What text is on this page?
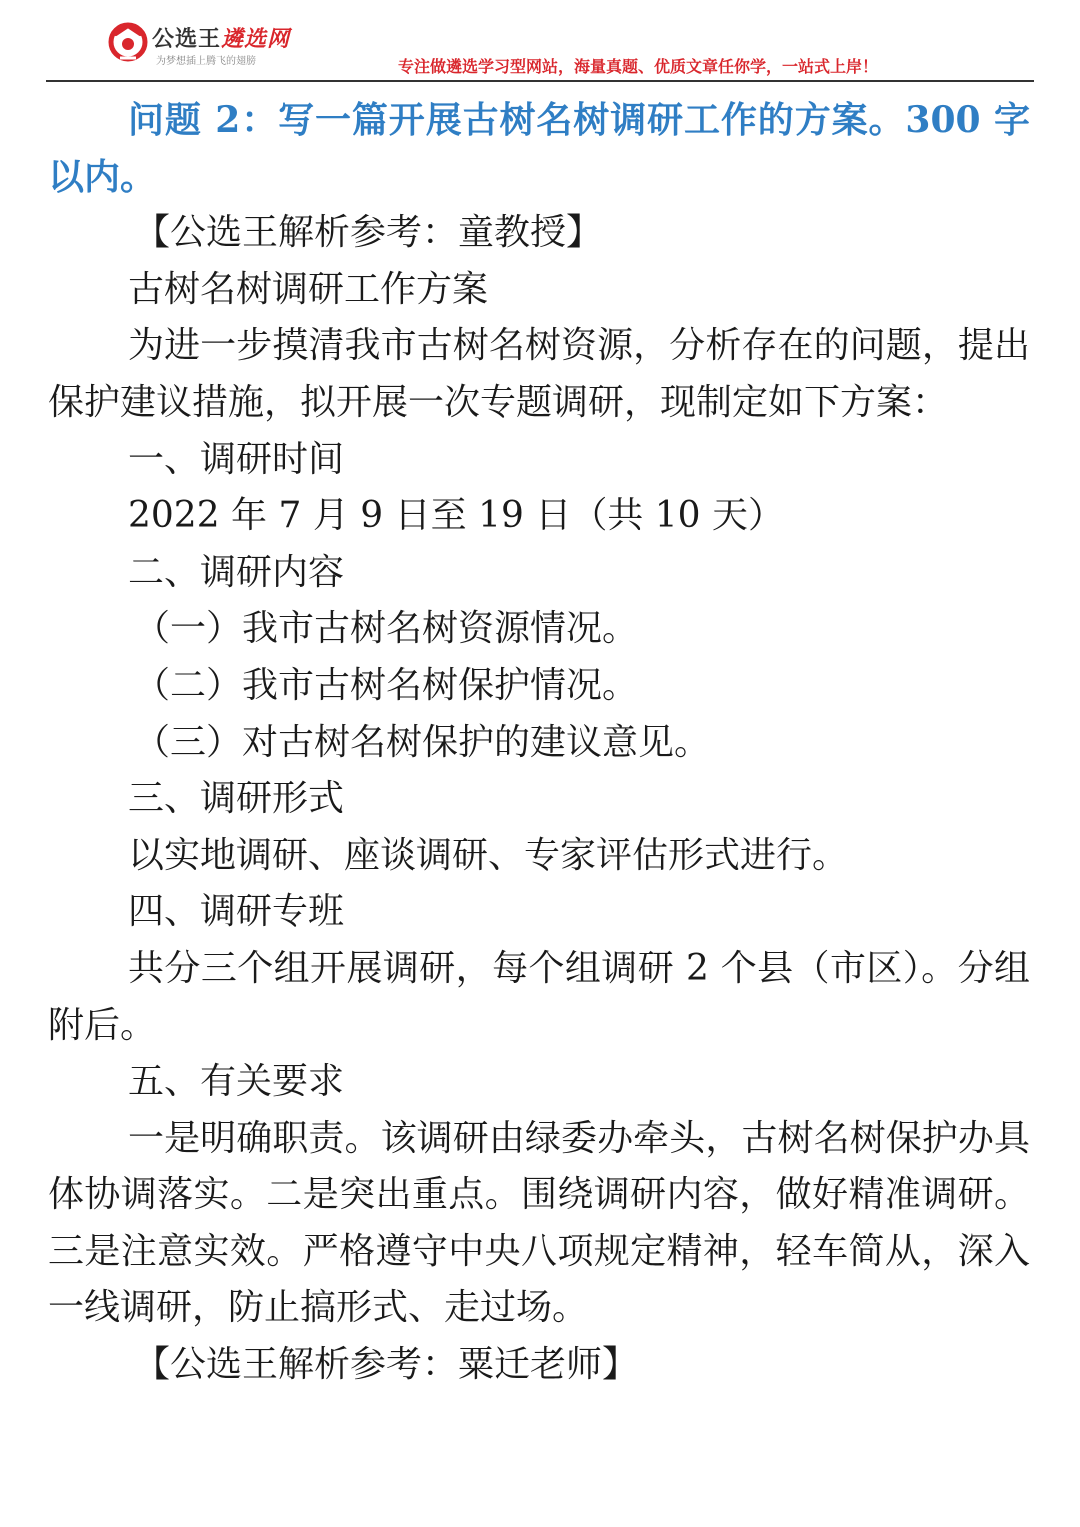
公选王遴选网
为梦想插上腾飞的翅膀	专注做遴选学习型网站，海量真题、优质文章任你学，一站式上岸！

问题 2：写一篇开展古树名树调研工作的方案。300 字以内。

【公选王解析参考：童教授】

古树名树调研工作方案

为进一步摸清我市古树名树资源，分析存在的问题，提出保护建议措施，拟开展一次专题调研，现制定如下方案：

一、调研时间

2022 年 7 月 9 日至 19 日（共 10 天）

二、调研内容

（一）我市古树名树资源情况。

（二）我市古树名树保护情况。

（三）对古树名树保护的建议意见。

三、调研形式

以实地调研、座谈调研、专家评估形式进行。

四、调研专班

共分三个组开展调研，每个组调研 2 个县（市区）。分组附后。

五、有关要求

一是明确职责。该调研由绿委办牵头，古树名树保护办具体协调落实。二是突出重点。围绕调研内容，做好精准调研。三是注意实效。严格遵守中央八项规定精神，轻车简从，深入一线调研，防止搞形式、走过场。

【公选王解析参考：粟迁老师】
